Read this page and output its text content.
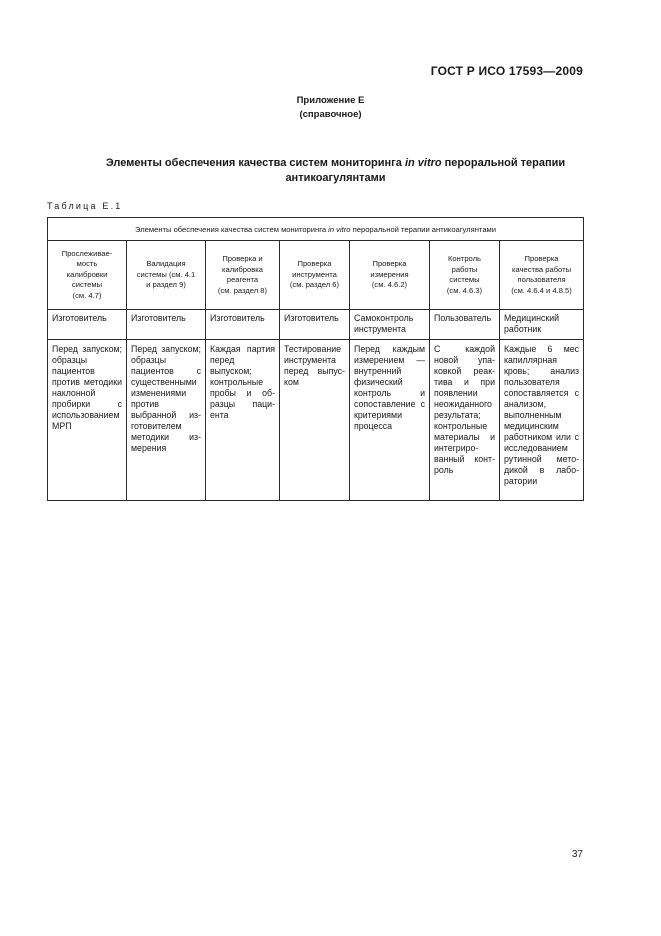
ГОСТ Р ИСО 17593—2009
Приложение Е
(справочное)
Элементы обеспечения качества систем мониторинга in vitro пероральной терапии антикоагулянтами
Таблица Е.1
Элементы обеспечения качества систем мониторинга in vitro пероральной терапии антикоагулянтами						

Прослеживае-
мость
калибровки
системы
(см. 4.7)	Валидация
системы (см. 4.1
и раздел 9)	Проверка и
калибровка
реагента
(см. раздел 8)	Проверка
инструмента
(см. раздел 6)	Проверка
измерения
(см. 4.6.2)	Контроль
работы
системы
(см. 4.6.3)	Проверка
качества работы
пользователя
(см. 4.6.4 и 4.8.5)

Изготовитель	Изготовитель	Изготовитель	Изготовитель	Самоконтроль инструмента	Пользователь	Медицинский работник
Перед запуском; образцы пациентов против методики наклонной пробирки с использованием МРП	Перед запуском; образцы пациентов с существенными изменениями против выбранной изготовителем методики измерения	Каждая партия перед выпуском; контрольные пробы и образцы пациента	Тестирование инструмента перед выпуском	Перед каждым измерением — внутренний физический контроль и сопоставление с критериями процесса	С каждой новой упаковкой реактива и при появлении неожиданного результата; контрольные материалы и интегрированный контроль	Каждые 6 мес капиллярная кровь; анализ пользователя сопоставляется с анализом, выполненным медицинским работником или с исследованием рутинной методикой в лаборатории
37
